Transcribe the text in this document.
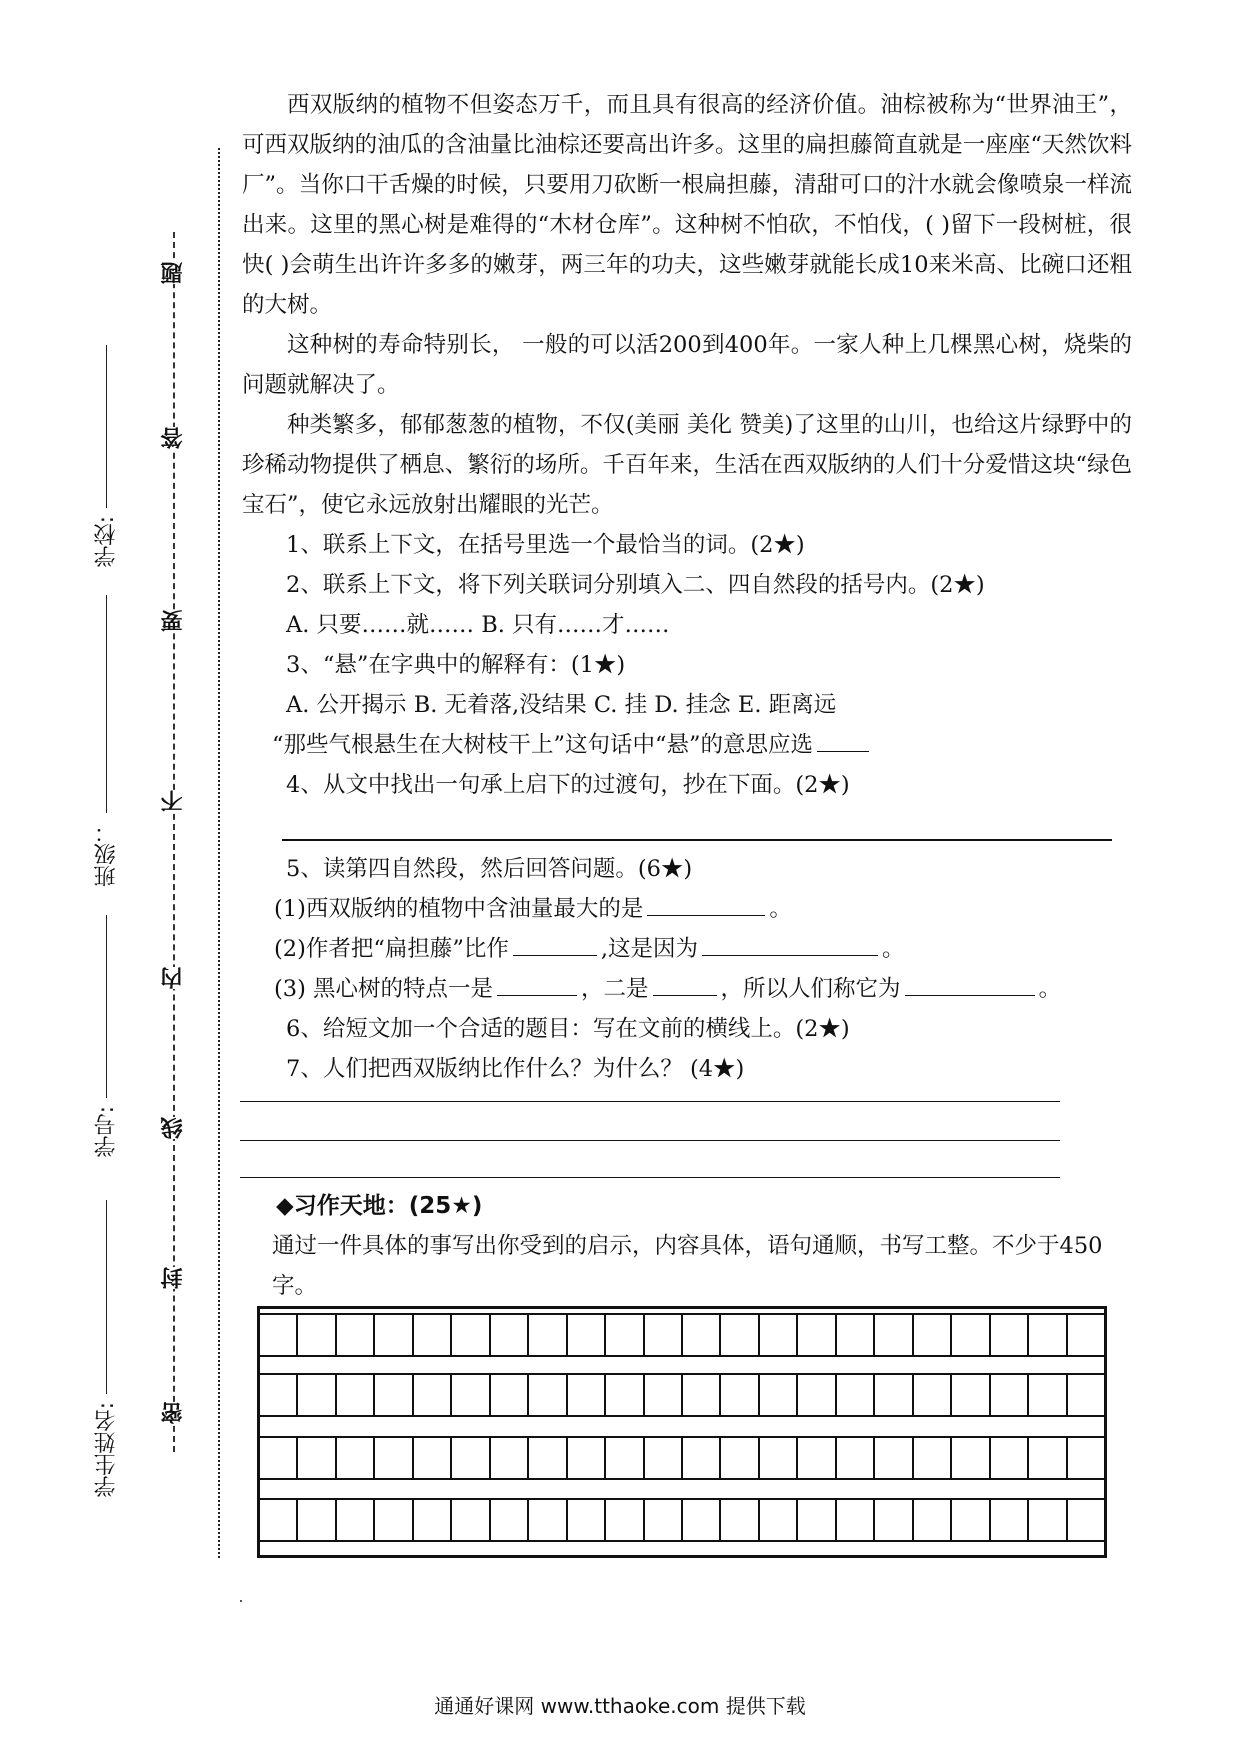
学校:
班级：
学号:
学生姓名:
题
答
要
不
内
线
封
密

西双版纳的植物不但姿态万千，而且具有很高的经济价值。油棕被称为“世界油王”，可西双版纳的油瓜的含油量比油棕还要高出许多。这里的扁担藤简直就是一座座“天然饮料厂”。当你口干舌燥的时候，只要用刀砍断一根扁担藤，清甜可口的汁水就会像喷泉一样流出来。这里的黑心树是难得的“木材仓库”。这种树不怕砍，不怕伐，( )留下一段树桩，很快( )会萌生出许许多多的嫩芽，两三年的功夫，这些嫩芽就能长成10来米高、比碗口还粗的大树。

这种树的寿命特别长， 一般的可以活200到400年。一家人种上几棵黑心树，烧柴的问题就解决了。

种类繁多，郁郁葱葱的植物，不仅(美丽 美化 赞美)了这里的山川，也给这片绿野中的珍稀动物提供了栖息、繁衍的场所。千百年来，生活在西双版纳的人们十分爱惜这块“绿色宝石”，使它永远放射出耀眼的光芒。

1、联系上下文，在括号里选一个最恰当的词。(2★)

2、联系上下文，将下列关联词分别填入二、四自然段的括号内。(2★)

A. 只要……就…… B. 只有……才……

3、“悬”在字典中的解释有：(1★)

A. 公开揭示 B. 无着落,没结果 C. 挂 D. 挂念 E. 距离远

“那些气根悬生在大树枝干上”这句话中“悬”的意思应选

4、从文中找出一句承上启下的过渡句，抄在下面。(2★)

5、读第四自然段，然后回答问题。(6★)

(1)西双版纳的植物中含油量最大的是	。

(2)作者把“扁担藤”比作	,这是因为	。

(3) 黑心树的特点一是	，二是	，所以人们称它为	。

6、给短文加一个合适的题目：写在文前的横线上。(2★)

7、人们把西双版纳比作什么？为什么？ (4★)

◆习作天地：(25★)

通过一件具体的事写出你受到的启示，内容具体，语句通顺，书写工整。不少于450字。

通通好课网 www.tthaoke.com 提供下载
